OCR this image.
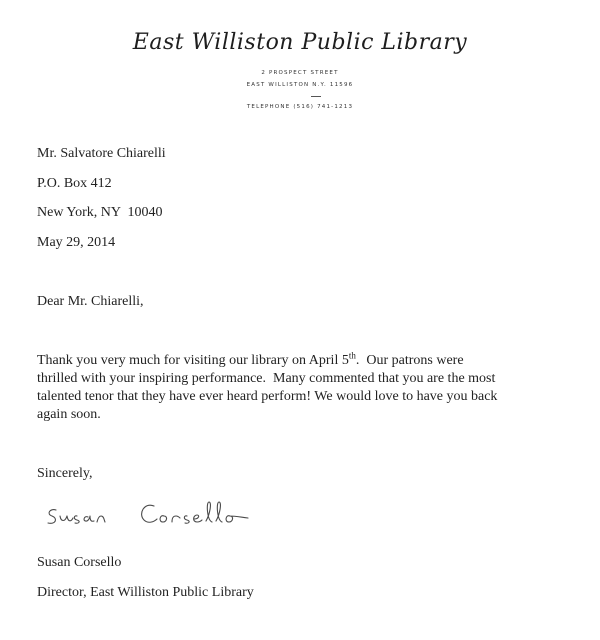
East Williston Public Library
2 PROSPECT STREET
EAST WILLISTON N.Y. 11596
TELEPHONE (516) 741-1213
Mr. Salvatore Chiarelli
P.O. Box 412
New York, NY  10040
May 29, 2014
Dear Mr. Chiarelli,
Thank you very much for visiting our library on April 5th.  Our patrons were
thrilled with your inspiring performance.  Many commented that you are the most
talented tenor that they have ever heard perform! We would love to have you back
again soon.
Sincerely,
Susan Corsello
Director, East Williston Public Library
